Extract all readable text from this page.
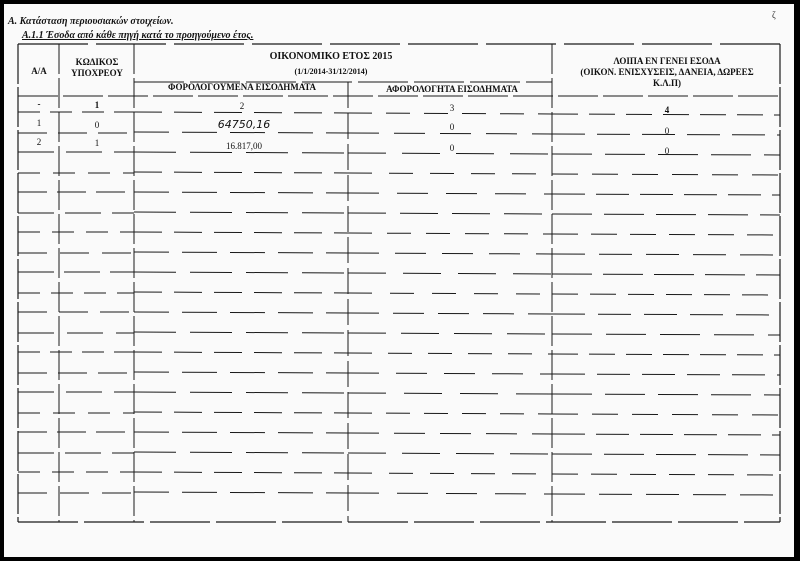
Α. Κατάσταση περιουσιακών στοιχείων.
Α.1.1 Έσοδα από κάθε πηγή κατά το προηγούμενο έτος.
ζ
Α/Α
ΚΩΔΙΚΟΣ
ΥΠΟΧΡΕΟΥ
ΟΙΚΟΝΟΜΙΚΟ ΕΤΟΣ 2015
(1/1/2014-31/12/2014)
ΦΟΡΟΛΟΓΟΥΜΕΝΑ ΕΙΣΟΔΗΜΑΤΑ	ΑΦΟΡΟΛΟΓΗΤΑ ΕΙΣΟΔΗΜΑΤΑ
ΛΟΙΠΑ ΕΝ ΓΕΝΕΙ ΕΣΟΔΑ
(ΟΙΚΟΝ. ΕΝΙΣΧΥΣΕΙΣ, ΔΑΝΕΙΑ, ΔΩΡΕΕΣ
Κ.Λ.Π)
-	1	2	3	4
1	0	64750,16	0	0
2	1	16.817,00	0	0
